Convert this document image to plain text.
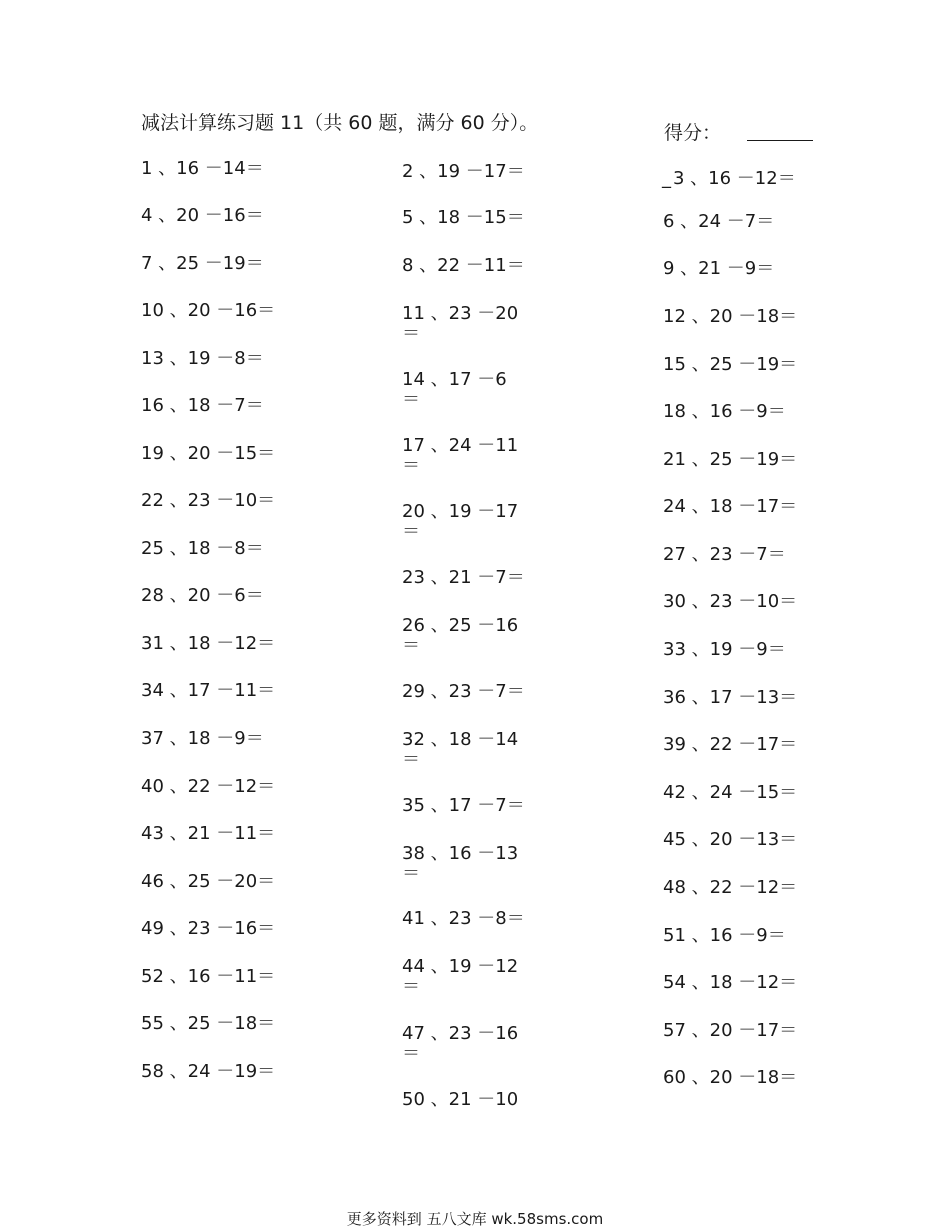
减法计算练习题 11（共 60 题，满分 60 分）。	得分：
1 、16 －14＝
4 、20 －16＝
7 、25 －19＝
10 、20 －16＝
13 、19 －8＝
16 、18 －7＝
19 、20 －15＝
22 、23 －10＝
25 、18 －8＝
28 、20 －6＝
31 、18 －12＝
34 、17 －11＝
37 、18 －9＝
40 、22 －12＝
43 、21 －11＝
46 、25 －20＝
49 、23 －16＝
52 、16 －11＝
55 、25 －18＝
58 、24 －19＝
2 、19 －17＝
5 、18 －15＝
8 、22 －11＝
11 、23 －20
＝
14 、17 －6
＝
17 、24 －11
＝
20 、19 －17
＝
23 、21 －7＝
26 、25 －16
＝
29 、23 －7＝
32 、18 －14
＝
35 、17 －7＝
38 、16 －13
＝
41 、23 －8＝
44 、19 －12
＝
47 、23 －16
＝
_ 3 、16 －12＝
6 、24 －7＝
9 、21 －9＝
12 、20 －18＝
15 、25 －19＝
18 、16 －9＝
21 、25 －19＝
24 、18 －17＝
27 、23 －7＝
30 、23 －10＝
33 、19 －9＝
36 、17 －13＝
39 、22 －17＝
42 、24 －15＝
45 、20 －13＝
48 、22 －12＝
51 、16 －9＝
54 、18 －12＝
57 、20 －17＝
60 、20 －18＝
50 、21 －10
更多资料到 五八文库 wk.58sms.com
